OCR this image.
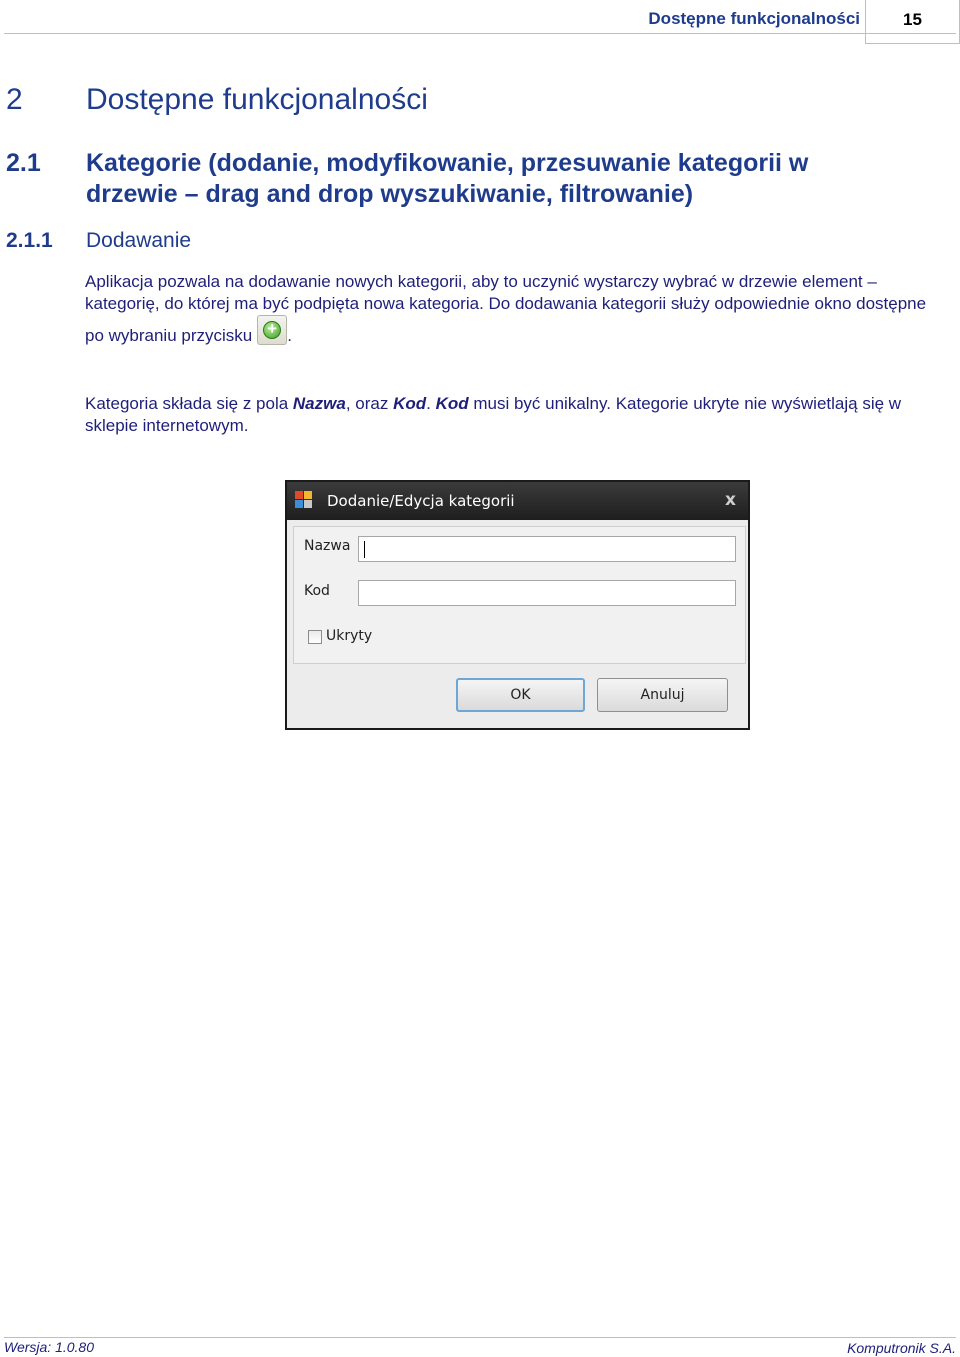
Dostępne funkcjonalności	15
2 Dostępne funkcjonalności
2.1 Kategorie (dodanie, modyfikowanie, przesuwanie kategorii w drzewie – drag and drop wyszukiwanie, filtrowanie)
2.1.1 Dodawanie
Aplikacja pozwala na dodawanie nowych kategorii, aby to uczynić wystarczy wybrać w drzewie element – kategorię, do której ma być podpięta nowa kategoria. Do dodawania kategorii służy odpowiednie okno dostępne po wybraniu przycisku+ .
Kategoria składa się z pola Nazwa, oraz Kod. Kod musi być unikalny. Kategorie ukryte nie wyświetlają się w sklepie internetowym.
Dodanie/Edycja kategorii	x
Nazwa
Kod
Ukryty
OK	Anuluj
Wersja: 1.0.80	Komputronik S.A.
